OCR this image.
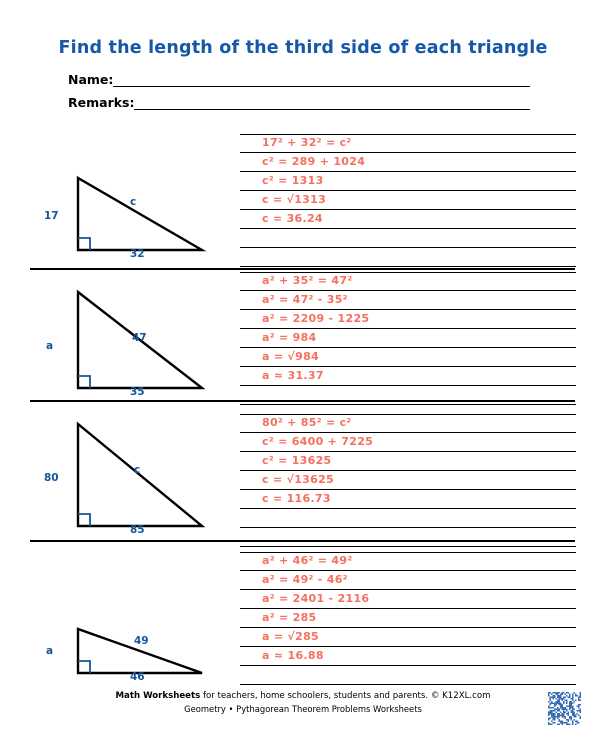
Find the length of the third side of each triangle
Name:
Remarks:
17
32
c
17² + 32² = c²
c² = 289 + 1024
c² = 1313
c = √1313
c = 36.24
a
35
47
a² + 35² = 47²
a² = 47² - 35²
a² = 2209 - 1225
a² = 984
a = √984
a ≈ 31.37
80
85
c
80² + 85² = c²
c² = 6400 + 7225
c² = 13625
c = √13625
c = 116.73
a
46
49
a² + 46² = 49²
a² = 49² - 46²
a² = 2401 - 2116
a² = 285
a = √285
a ≈ 16.88
Math Worksheets for teachers, home schoolers, students and parents. © K12XL.com
Geometry • Pythagorean Theorem Problems Worksheets
